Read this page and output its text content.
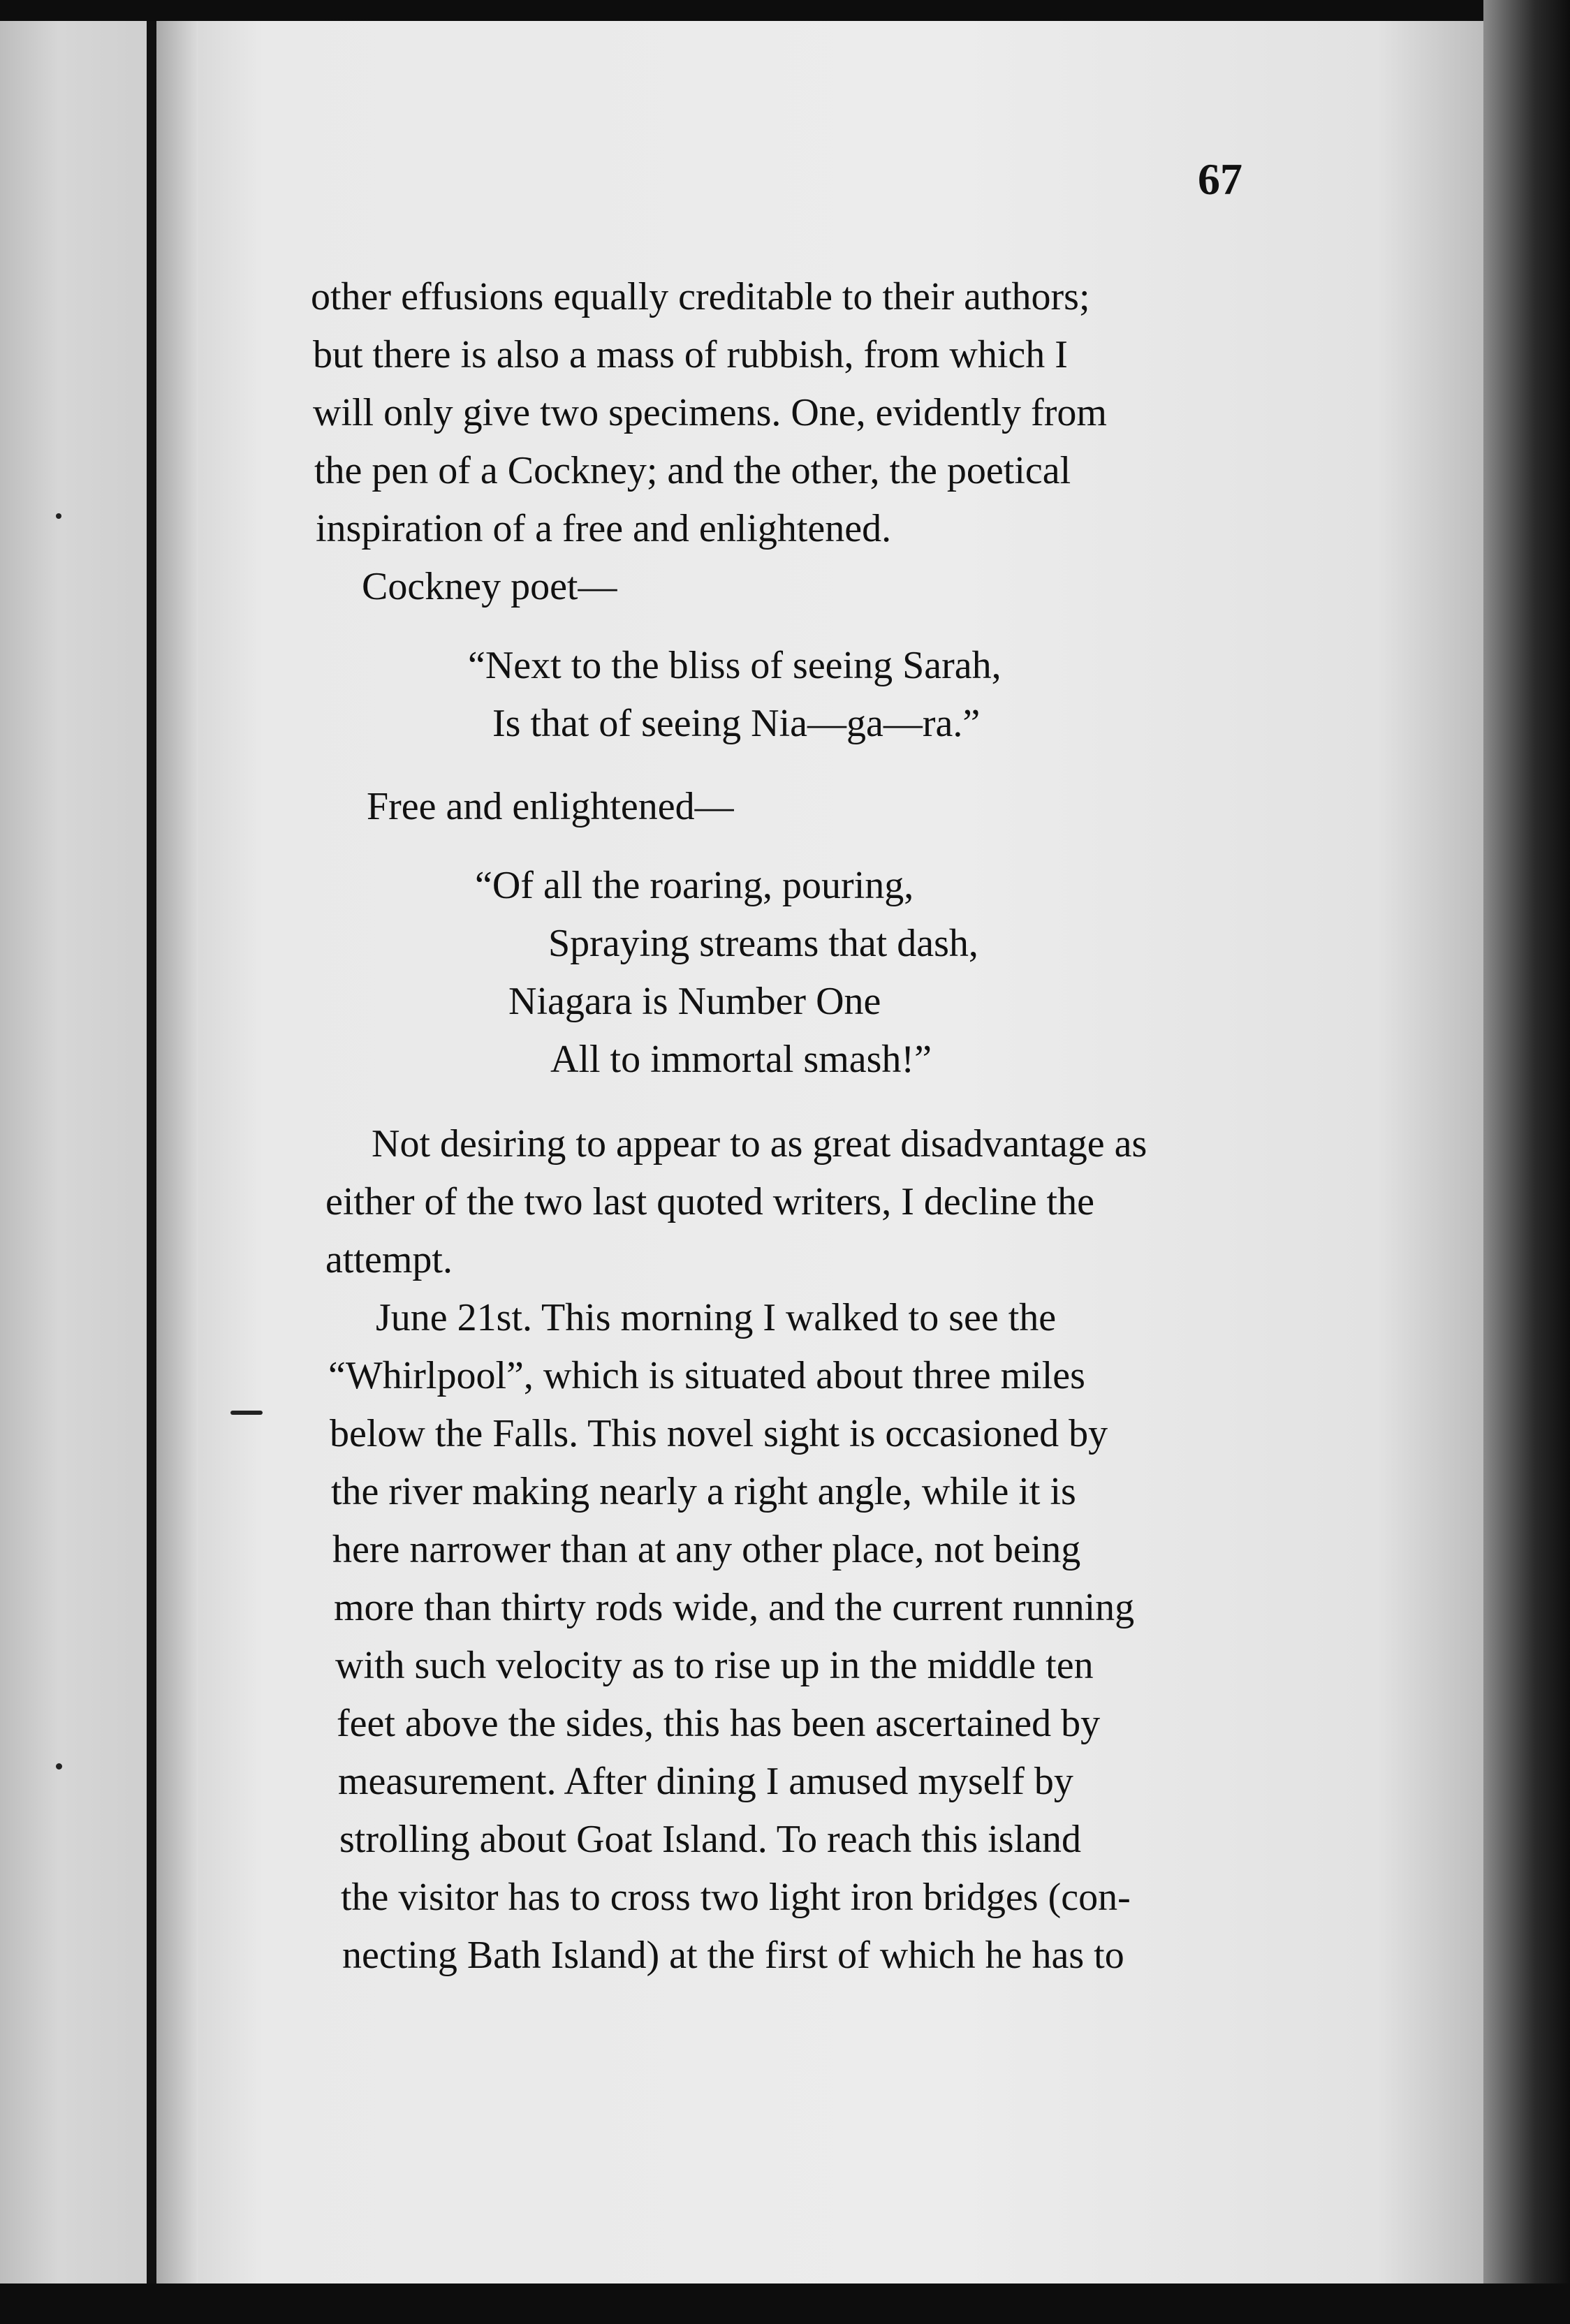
67
other effusions equally creditable to their authors;
but there is also a mass of rubbish, from which I
will only give two specimens. One, evidently from
the pen of a Cockney; and the other, the poetical
inspiration of a free and enlightened.
Cockney poet—
“Next to the bliss of seeing Sarah,
Is that of seeing Nia—ga—ra.”
Free and enlightened—
“Of all the roaring, pouring,
Spraying streams that dash,
Niagara is Number One
All to immortal smash!”
Not desiring to appear to as great disadvantage as
either of the two last quoted writers, I decline the
attempt.
June 21st. This morning I walked to see the
“Whirlpool”, which is situated about three miles
below the Falls. This novel sight is occasioned by
the river making nearly a right angle, while it is
here narrower than at any other place, not being
more than thirty rods wide, and the current running
with such velocity as to rise up in the middle ten
feet above the sides, this has been ascertained by
measurement. After dining I amused myself by
strolling about Goat Island. To reach this island
the visitor has to cross two light iron bridges (con-
necting Bath Island) at the first of which he has to
